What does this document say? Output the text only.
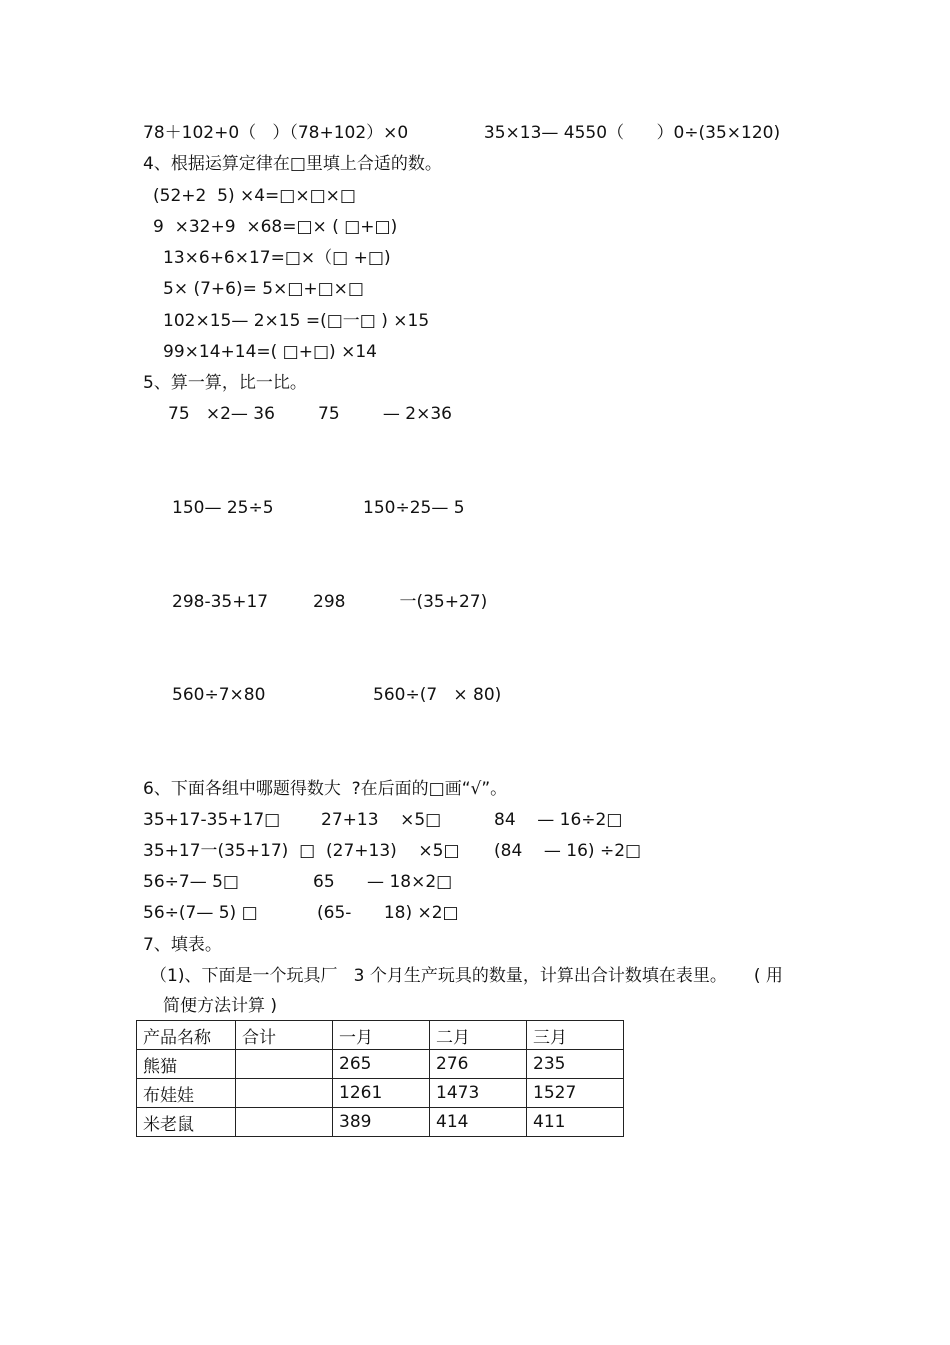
78＋102+0（   ）（78+102）×0              35×13— 4550（      ）0÷(35×120)
4、根据运算定律在□里填上合适的数。
(52+2  5) ×4=□×□×□
9  ×32+9  ×68=□× ( □+□)
13×6+6×17=□×（□ +□)
5× (7+6)= 5×□+□×□
102×15— 2×15 =(□一□ ) ×15
99×14+14=( □+□) ×14
5、算一算，比一比。
75   ×2— 36	75        — 2×36
150— 25÷5	150÷25— 5
298-35+17	298          一(35+27)
560÷7×80	560÷(7   × 80)
6、下面各组中哪题得数大  ?在后面的□画“√”。
35+17-35+17□ 27+13    ×5□	84    — 16÷2□
35+17一(35+17)  □ (27+13)    ×5□ (84    — 16) ÷2□
56÷7— 5□	65      — 18×2□
56÷(7— 5) □	(65-      18) ×2□
7、填表。
（1)、下面是一个玩具厂   3 个月生产玩具的数量，计算出合计数填在表里。     ( 用
简便方法计算 )
产品名称	合计	一月	二月	三月
熊猫		265	276	235
布娃娃		1261	1473	1527
米老鼠		389	414	411
